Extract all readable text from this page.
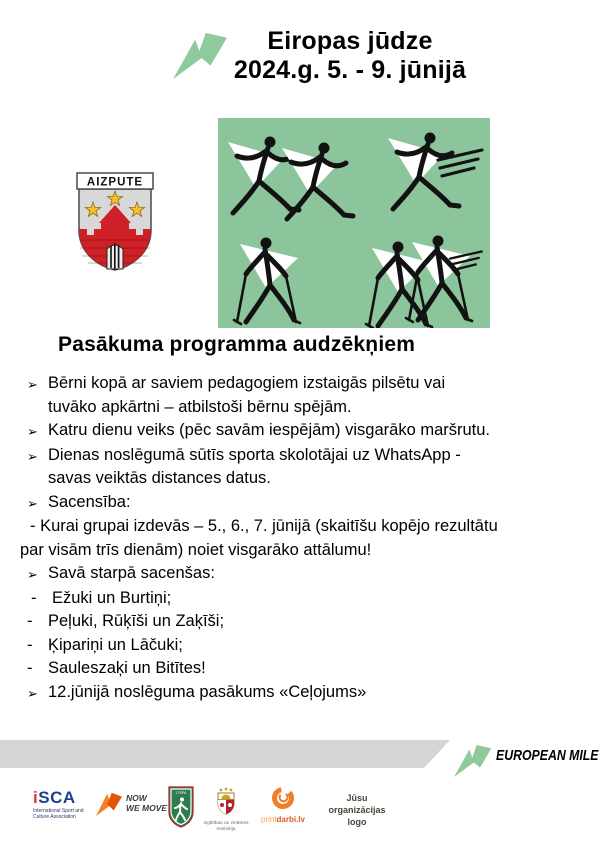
Eiropas jūdze
2024.g. 5. - 9. jūnijā
AIZPUTE
Pasākuma programma audzēkņiem
➢ Bērni kopā ar saviem pedagogiem izstaigās pilsētu vai tuvāko apkārtni – atbilstoši bērnu spējām.
➢ Katru dienu veiks (pēc savām iespējām) visgarāko maršrutu.
➢ Dienas noslēgumā sūtīs sporta skolotājai uz WhatsApp - savas veiktās distances datus.
➢ Sacensība:
- Kurai grupai izdevās – 5., 6., 7. jūnijā (skaitīšu kopējo rezultātu par visām trīs dienām) noiet visgarāko attālumu!
➢ Savā starpā sacenšas:
- Ežuki un Burtiņi;
- Peļuki, Rūķīši un Zaķīši;
- Ķipariņi un Lāčuki;
- Sauleszaķi un Bitītes!
➢ 12.jūnijā noslēguma pasākums «Ceļojums»
EUROPEAN MILE
iSCA
International Sport and
Culture Association
NOW
WE MOVE
LTSPA
Izglītības un zinātnes
ministrija
printdarbi.lv
Jūsu organizācijas
logo
